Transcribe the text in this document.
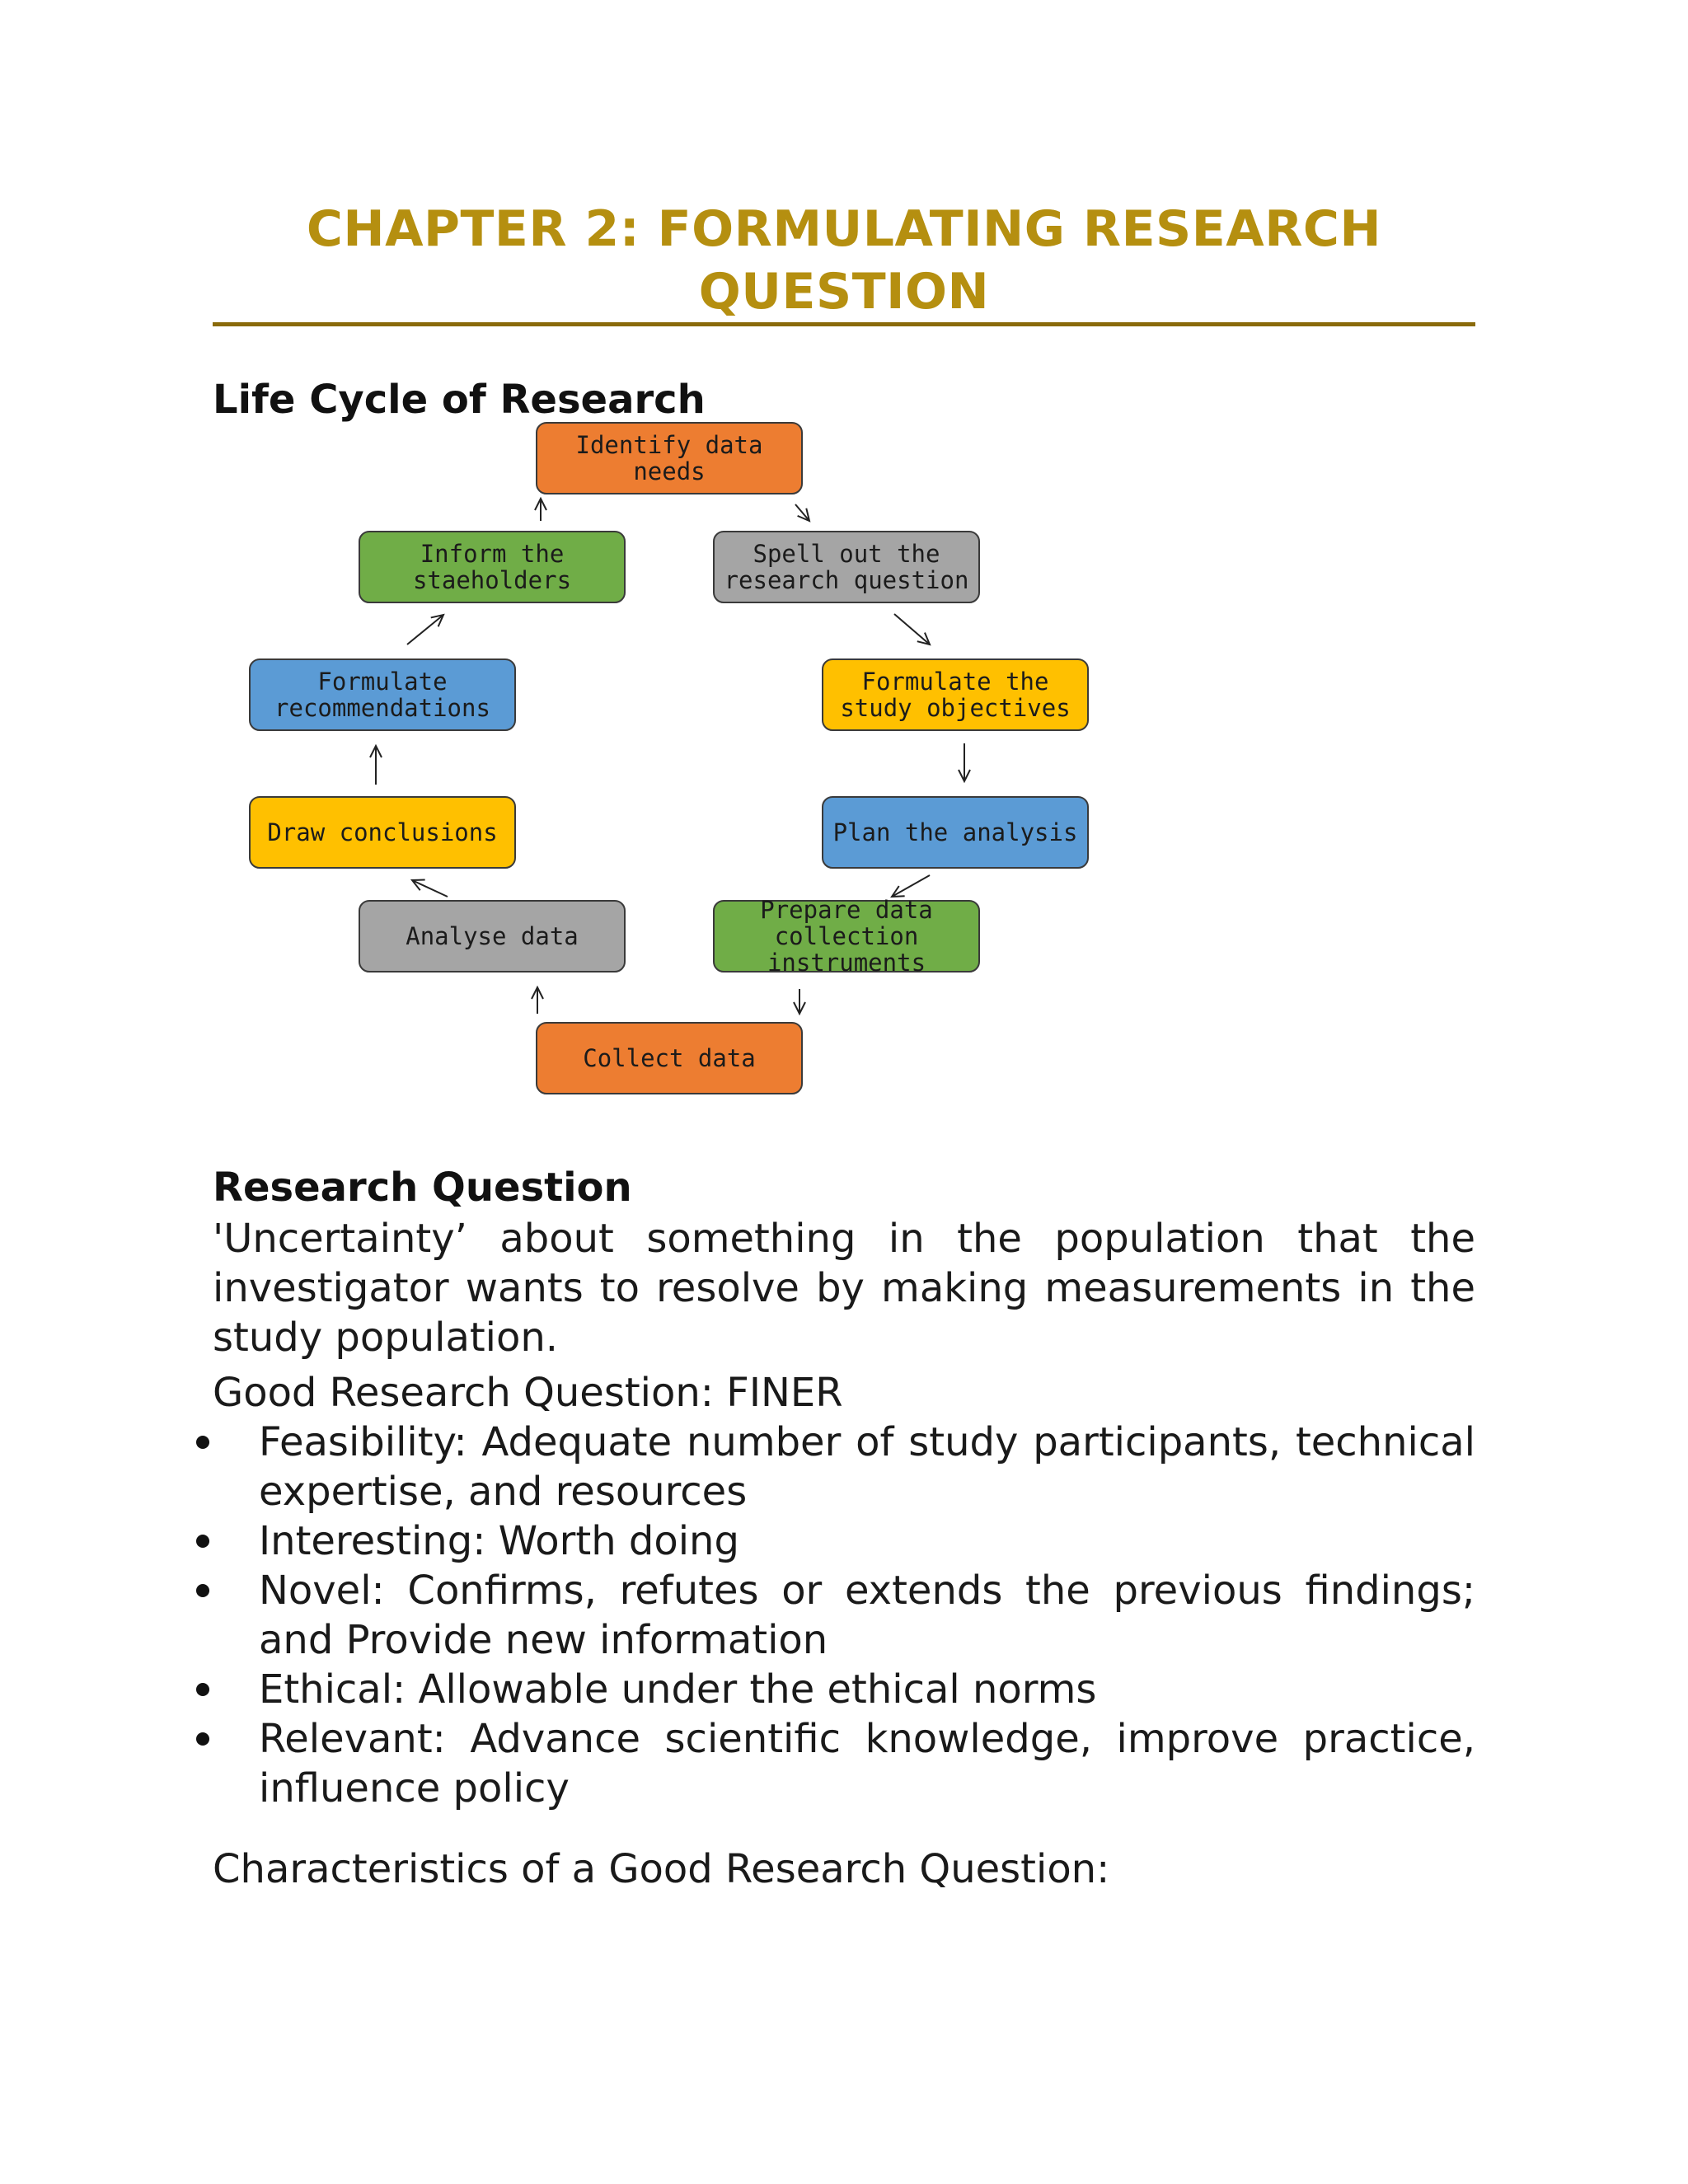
CHAPTER 2: FORMULATING RESEARCH
QUESTION
Life Cycle of Research
Identify data
needs
Spell out the
research question
Formulate the
study objectives
Plan the analysis
Prepare data
collection
instruments
Collect data
Analyse data
Draw conclusions
Formulate
recommendations
Inform the
staeholders
Research Question

'Uncertainty’ about something in the population that the investigator wants to resolve by making measurements in the study population.

Good Research Question: FINER
Feasibility: Adequate number of study participants, technical expertise, and resources
Interesting: Worth doing
Novel: Confirms, refutes or extends the previous findings; and Provide new information
Ethical: Allowable under the ethical norms
Relevant: Advance scientific knowledge, improve practice, influence policy
Characteristics of a Good Research Question:
